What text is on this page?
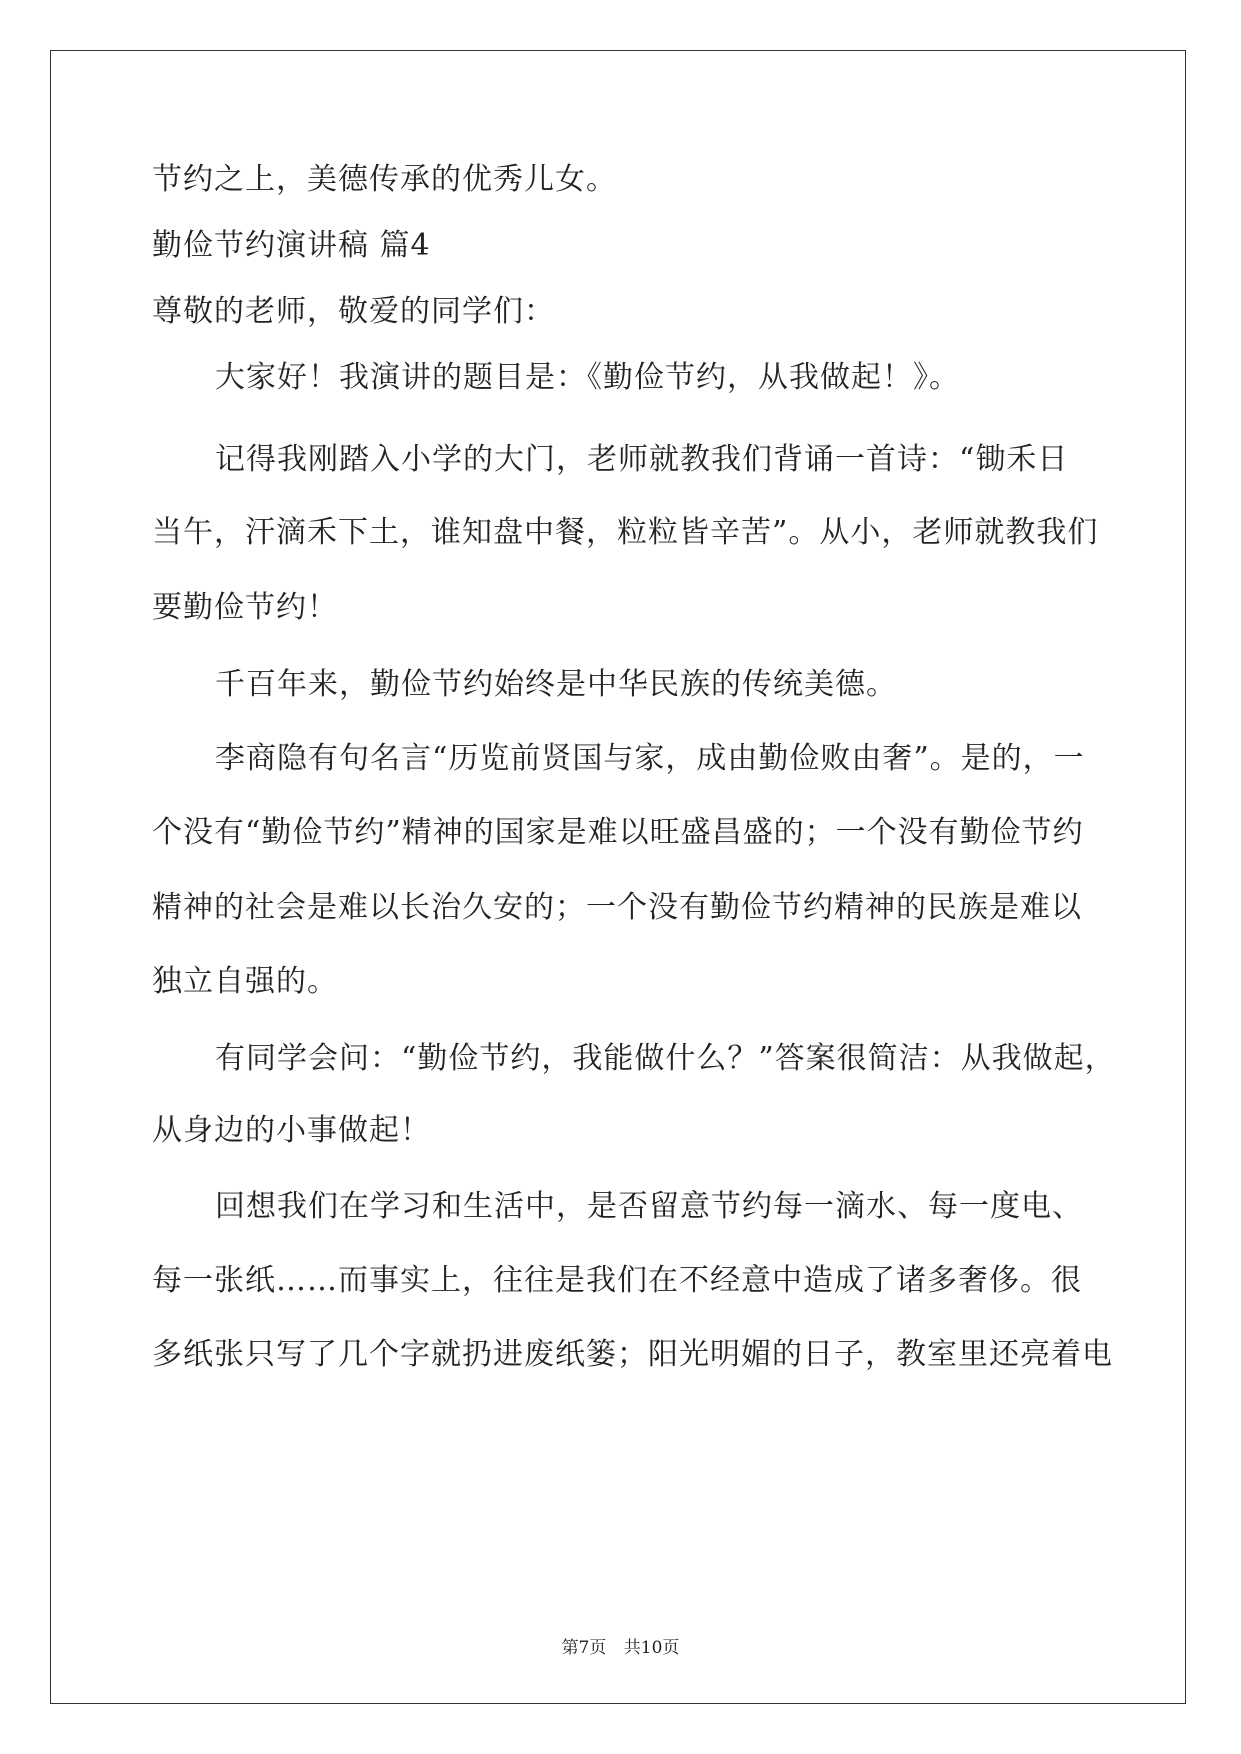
节约之上，美德传承的优秀儿女。
勤俭节约演讲稿 篇4
尊敬的老师，敬爱的同学们：
大家好！我演讲的题目是：《勤俭节约，从我做起！》。
记得我刚踏入小学的大门，老师就教我们背诵一首诗：“锄禾日
当午，汗滴禾下土，谁知盘中餐，粒粒皆辛苦”。从小，老师就教我们
要勤俭节约！
千百年来，勤俭节约始终是中华民族的传统美德。
李商隐有句名言“历览前贤国与家，成由勤俭败由奢”。是的，一
个没有“勤俭节约”精神的国家是难以旺盛昌盛的；一个没有勤俭节约
精神的社会是难以长治久安的；一个没有勤俭节约精神的民族是难以
独立自强的。
有同学会问：“勤俭节约，我能做什么？”答案很简洁：从我做起，
从身边的小事做起！
回想我们在学习和生活中，是否留意节约每一滴水、每一度电、
每一张纸……而事实上，往往是我们在不经意中造成了诸多奢侈。很
多纸张只写了几个字就扔进废纸篓；阳光明媚的日子，教室里还亮着电
第7页 共10页
